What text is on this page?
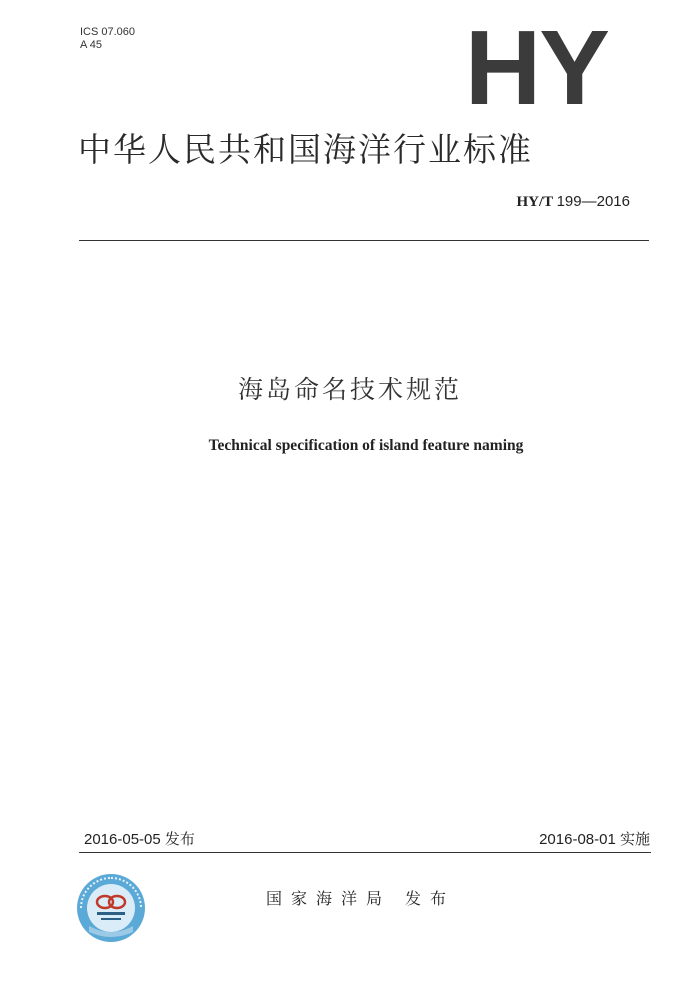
ICS 07.060
A 45	HY
中华人民共和国海洋行业标准
HY/T 199—2016
海岛命名技术规范
Technical specification of island feature naming
2016-05-05 发布	2016-08-01 实施
国家海洋局 发布
